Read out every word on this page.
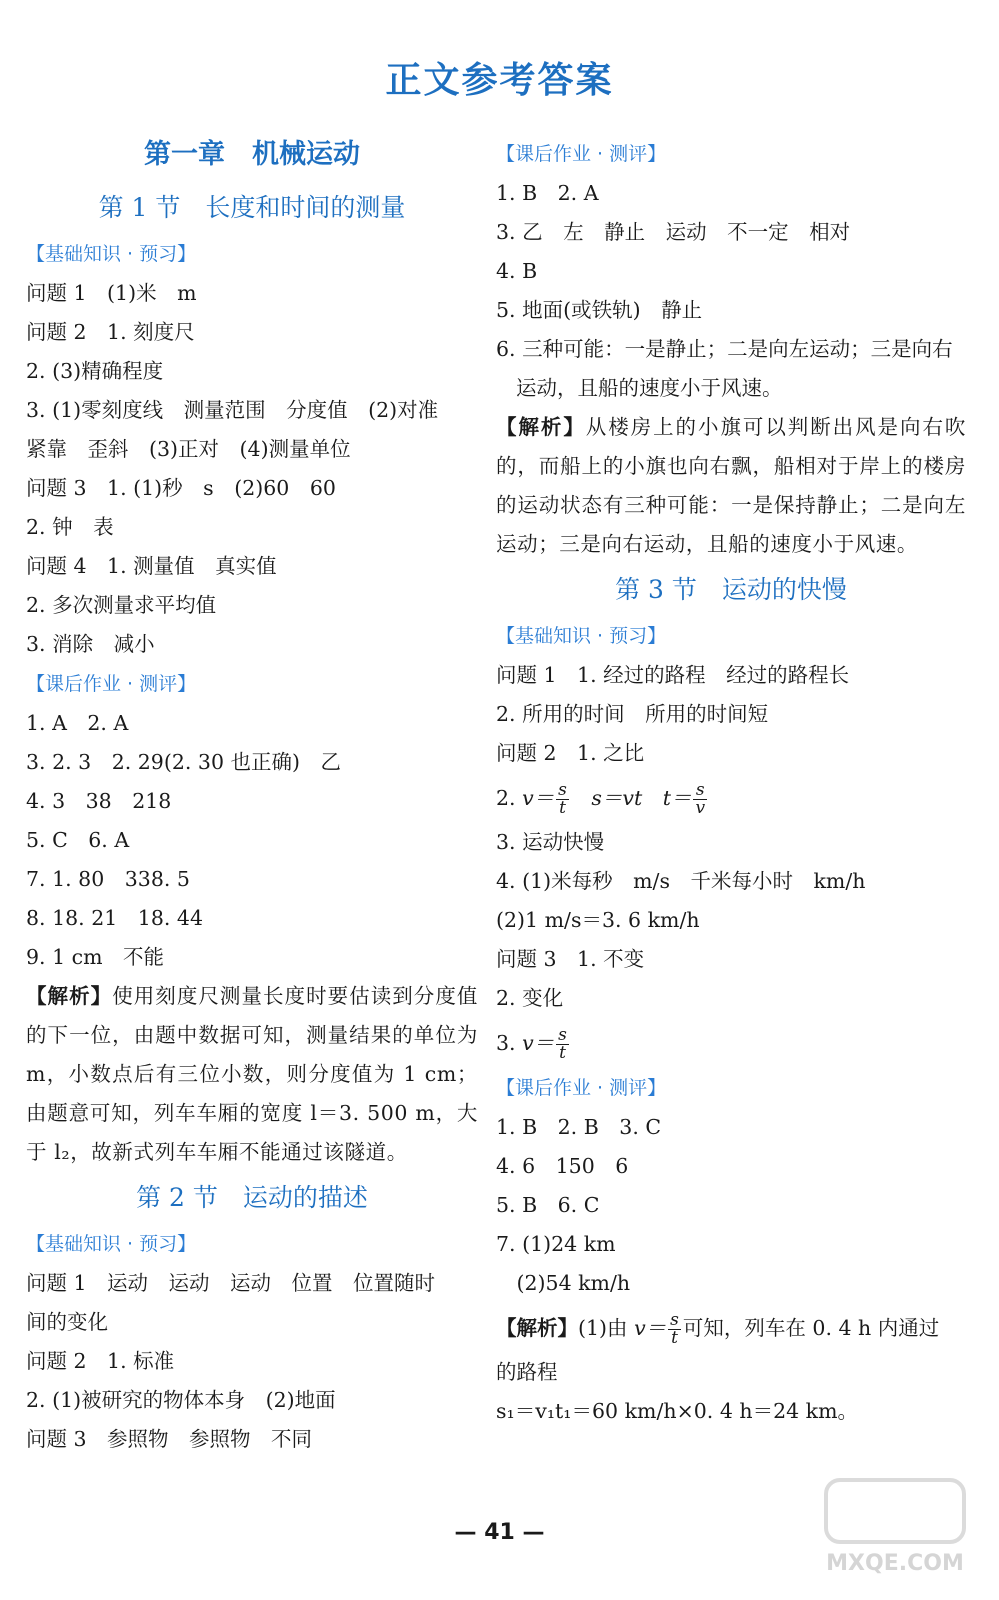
正文参考答案
第一章　机械运动
第 1 节　长度和时间的测量
【基础知识 · 预习】
问题 1　(1)米　m
问题 2　1. 刻度尺
2. (3)精确程度
3. (1)零刻度线　测量范围　分度值　(2)对准
紧靠　歪斜　(3)正对　(4)测量单位
问题 3　1. (1)秒　s　(2)60　60
2. 钟　表
问题 4　1. 测量值　真实值
2. 多次测量求平均值
3. 消除　减小
【课后作业 · 测评】
1. A　2. A
3. 2. 3　2. 29(2. 30 也正确)　乙
4. 3　38　218
5. C　6. A
7. 1. 80　338. 5
8. 18. 21　18. 44
9. 1 cm　不能
【解析】使用刻度尺测量长度时要估读到分度值的下一位，由题中数据可知，测量结果的单位为 m，小数点后有三位小数，则分度值为 1 cm；由题意可知，列车车厢的宽度 l＝3. 500 m，大于 l₂，故新式列车车厢不能通过该隧道。
第 2 节　运动的描述
【基础知识 · 预习】
问题 1　运动　运动　运动　位置　位置随时
间的变化
问题 2　1. 标准
2. (1)被研究的物体本身　(2)地面
问题 3　参照物　参照物　不同
【课后作业 · 测评】
1. B　2. A
3. 乙　左　静止　运动　不一定　相对
4. B
5. 地面(或铁轨)　静止
6. 三种可能：一是静止；二是向左运动；三是向右
运动，且船的速度小于风速。
【解析】从楼房上的小旗可以判断出风是向右吹的，而船上的小旗也向右飘，船相对于岸上的楼房的运动状态有三种可能：一是保持静止；二是向左运动；三是向右运动，且船的速度小于风速。
第 3 节　运动的快慢
【基础知识 · 预习】
问题 1　1. 经过的路程　经过的路程长
2. 所用的时间　所用的时间短
问题 2　1. 之比
2. $v= \frac{s}{t}$ 　s＝vt　$t= \frac{s}{v}$
3. 运动快慢
4. (1)米每秒　m/s　千米每小时　km/h
(2)1 m/s＝3. 6 km/h
问题 3　1. 不变
2. 变化
3. $v= \frac{s}{t}$
【课后作业 · 测评】
1. B　2. B　3. C
4. 6　150　6
5. B　6. C
7. (1)24 km
　(2)54 km/h
【解析】(1)由 $v= \frac{s}{t}$ 可知，列车在 0. 4 h 内通过
的路程
s₁＝v₁t₁＝60 km/h×0. 4 h＝24 km。
— 41 —
MXQE.COM
